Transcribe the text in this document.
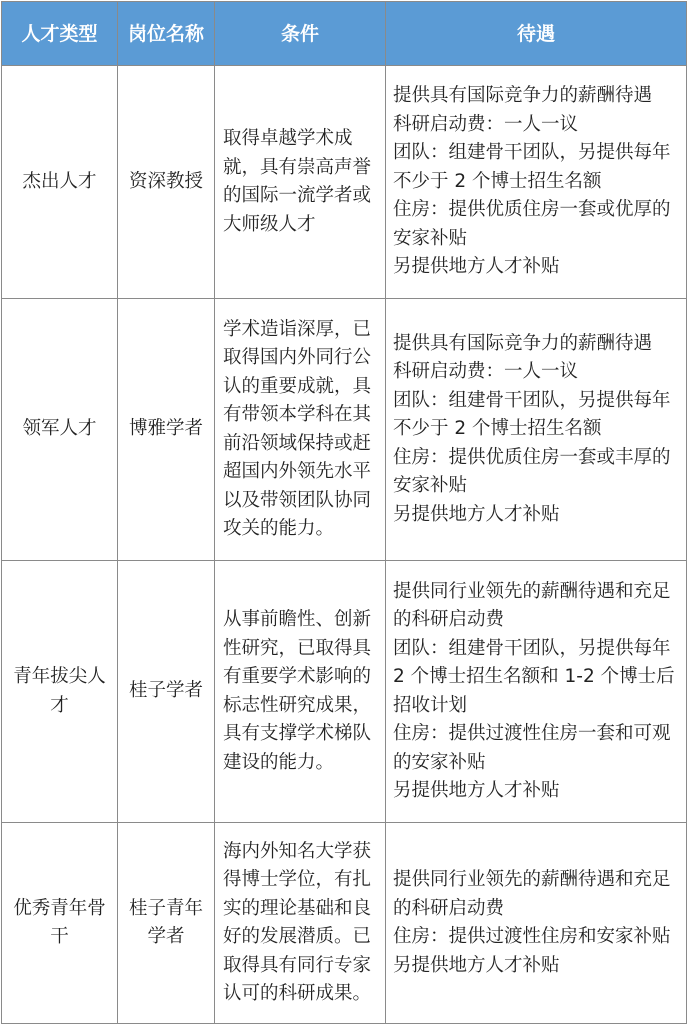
人才类型	岗位名称	条件	待遇
杰出人才	资深教授	取得卓越学术成就，具有崇高声誉的国际一流学者或大师级人才	提供具有国际竞争力的薪酬待遇
科研启动费：一人一议
团队：组建骨干团队，另提供每年不少于 2 个博士招生名额
住房：提供优质住房一套或优厚的安家补贴
另提供地方人才补贴

领军人才	博雅学者	学术造诣深厚，已取得国内外同行公认的重要成就，具有带领本学科在其前沿领域保持或赶超国内外领先水平以及带领团队协同攻关的能力。	提供具有国际竞争力的薪酬待遇
科研启动费：一人一议
团队：组建骨干团队，另提供每年不少于 2 个博士招生名额
住房：提供优质住房一套或丰厚的安家补贴
另提供地方人才补贴

青年拔尖人才	桂子学者	从事前瞻性、创新性研究，已取得具有重要学术影响的标志性研究成果，具有支撑学术梯队建设的能力。	提供同行业领先的薪酬待遇和充足的科研启动费
团队：组建骨干团队，另提供每年 2 个博士招生名额和 1-2 个博士后招收计划
住房：提供过渡性住房一套和可观的安家补贴
另提供地方人才补贴

优秀青年骨干	桂子青年学者	海内外知名大学获得博士学位，有扎实的理论基础和良好的发展潜质。已取得具有同行专家认可的科研成果。	提供同行业领先的薪酬待遇和充足的科研启动费
住房：提供过渡性住房和安家补贴
另提供地方人才补贴
